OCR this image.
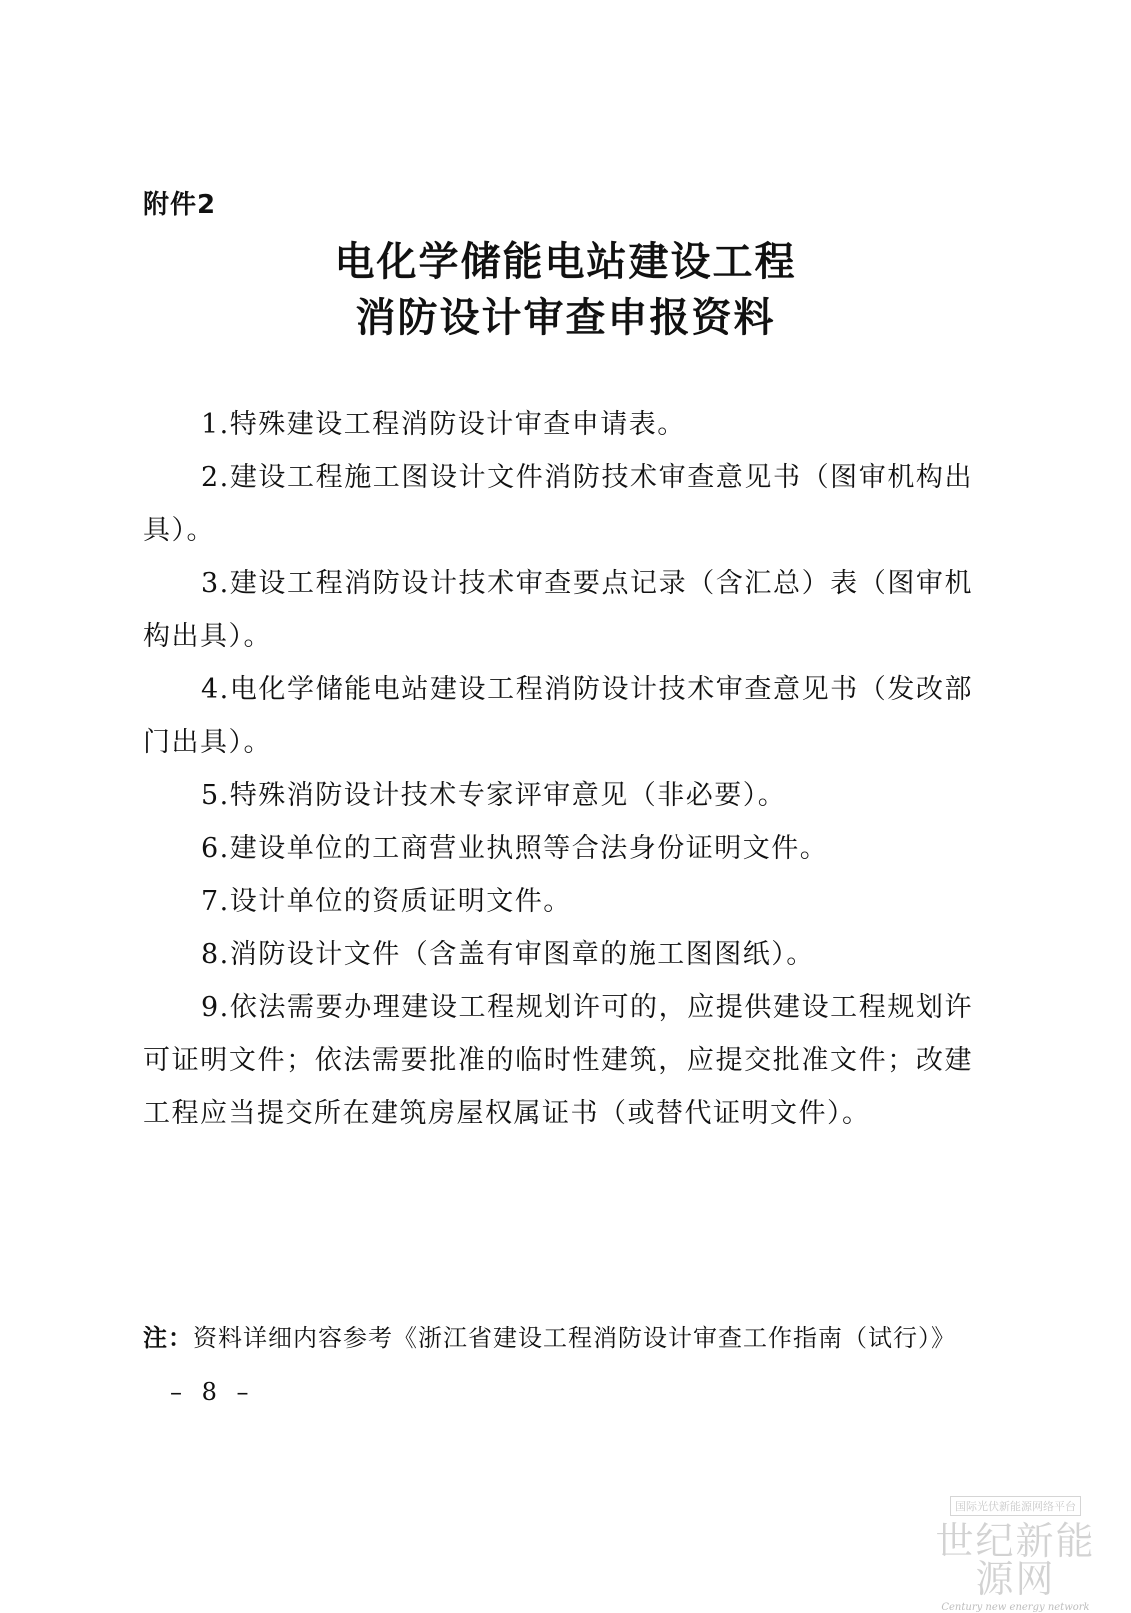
附件2
电化学储能电站建设工程
消防设计审查申报资料
1.特殊建设工程消防设计审查申请表。
2.建设工程施工图设计文件消防技术审查意见书（图审机构出具）。
3.建设工程消防设计技术审查要点记录（含汇总）表（图审机构出具）。
4.电化学储能电站建设工程消防设计技术审查意见书（发改部门出具）。
5.特殊消防设计技术专家评审意见（非必要）。
6.建设单位的工商营业执照等合法身份证明文件。
7.设计单位的资质证明文件。
8.消防设计文件（含盖有审图章的施工图图纸）。
9.依法需要办理建设工程规划许可的，应提供建设工程规划许可证明文件；依法需要批准的临时性建筑，应提交批准文件；改建工程应当提交所在建筑房屋权属证书（或替代证明文件）。
注：资料详细内容参考《浙江省建设工程消防设计审查工作指南（试行）》
– 8 –
国际光伏新能源网络平台
世纪新能源网
Century new energy network
